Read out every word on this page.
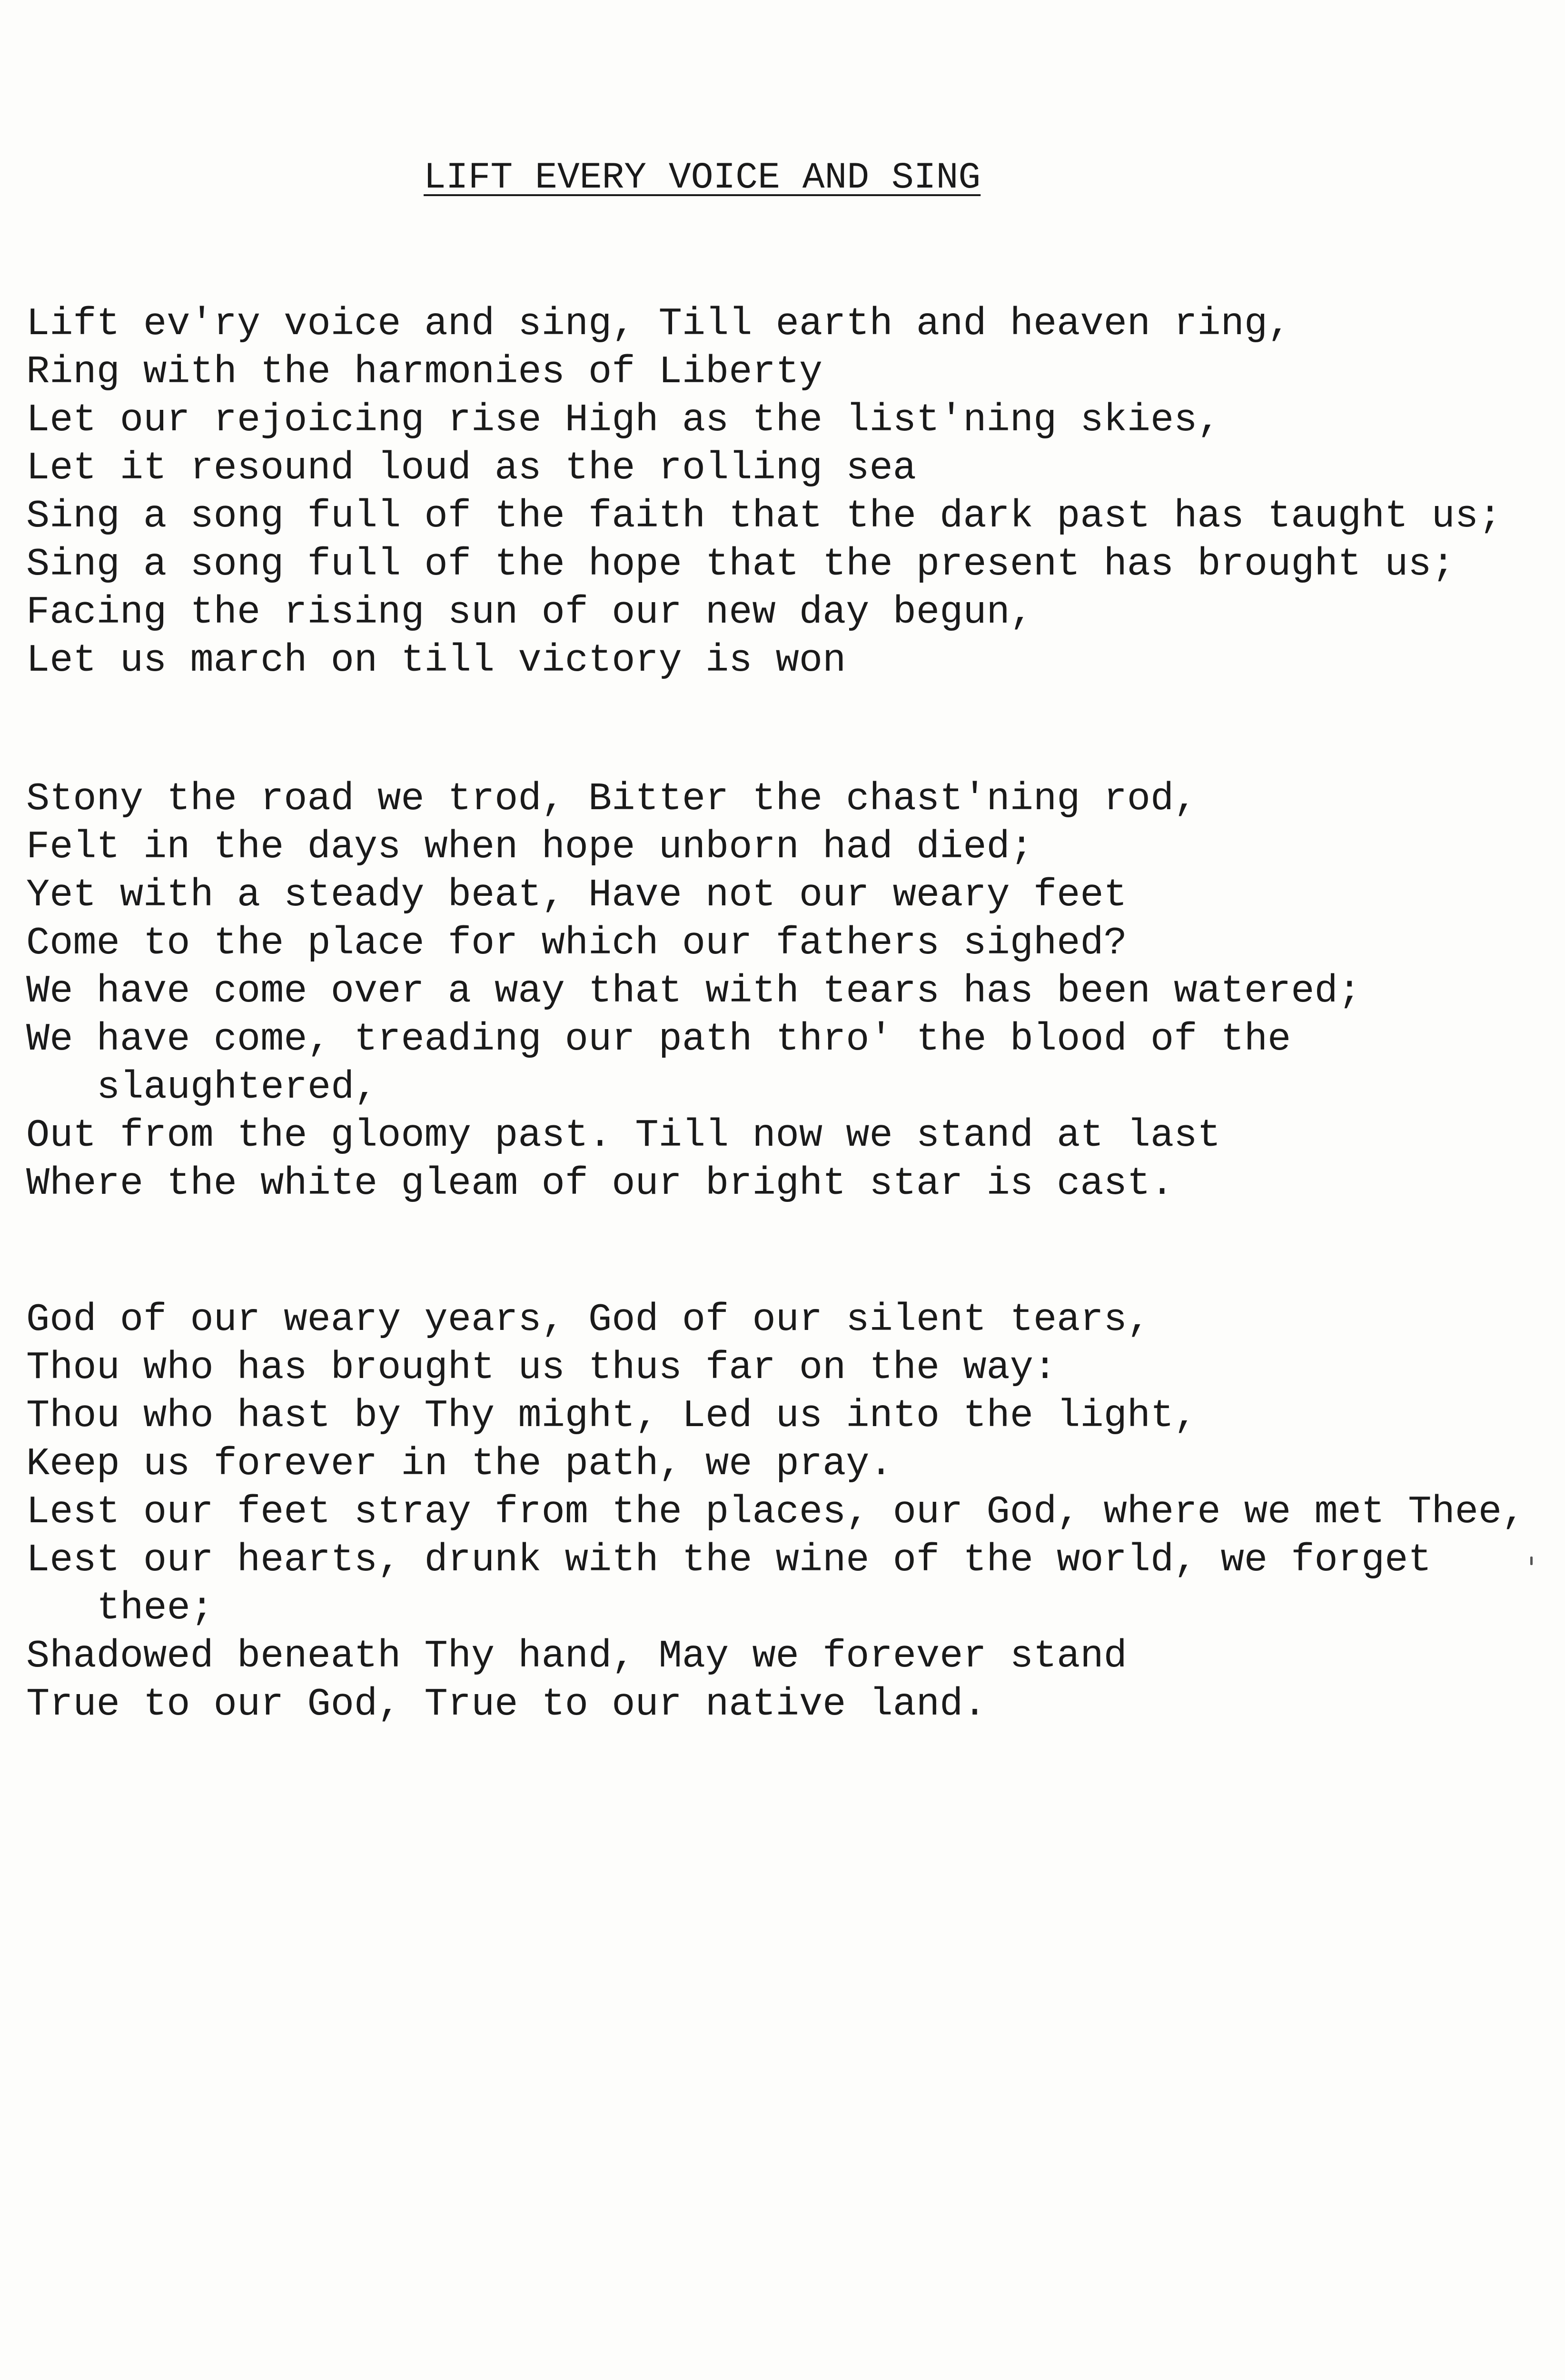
LIFT EVERY VOICE AND SING
Lift ev'ry voice and sing, Till earth and heaven ring,
Ring with the harmonies of Liberty
Let our rejoicing rise High as the list'ning skies,
Let it resound loud as the rolling sea
Sing a song full of the faith that the dark past has taught us;
Sing a song full of the hope that the present has brought us;
Facing the rising sun of our new day begun,
Let us march on till victory is won
Stony the road we trod, Bitter the chast'ning rod,
Felt in the days when hope unborn had died;
Yet with a steady beat, Have not our weary feet
Come to the place for which our fathers sighed?
We have come over a way that with tears has been watered;
We have come, treading our path thro' the blood of the
slaughtered,
Out from the gloomy past. Till now we stand at last
Where the white gleam of our bright star is cast.
God of our weary years, God of our silent tears,
Thou who has brought us thus far on the way:
Thou who hast by Thy might, Led us into the light,
Keep us forever in the path, we pray.
Lest our feet stray from the places, our God, where we met Thee,
Lest our hearts, drunk with the wine of the world, we forget
thee;
Shadowed beneath Thy hand, May we forever stand
True to our God, True to our native land.
